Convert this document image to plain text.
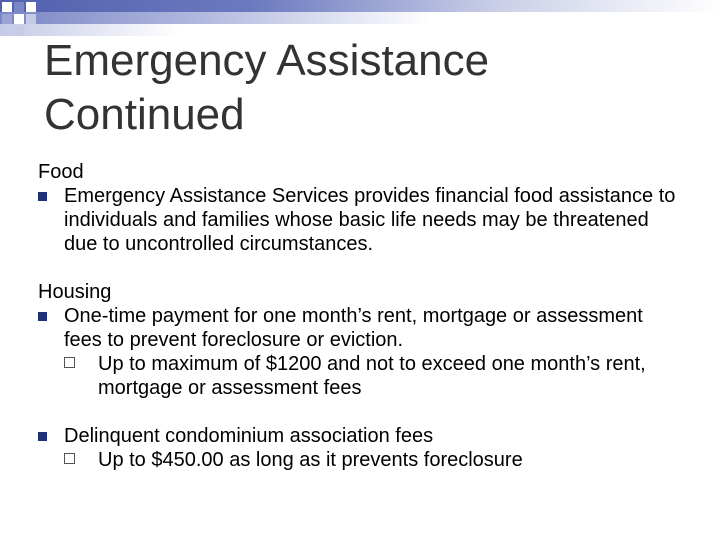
Emergency Assistance
Continued

Food

Emergency Assistance Services provides financial food assistance to individuals and families whose basic life needs may be threatened due to uncontrolled circumstances.

Housing

One-time payment for one month’s rent, mortgage or assessment fees to prevent foreclosure or eviction.
Up to maximum of $1200 and not to exceed one month’s rent, mortgage or assessment fees
Delinquent condominium association fees
Up to $450.00 as long as it prevents foreclosure
